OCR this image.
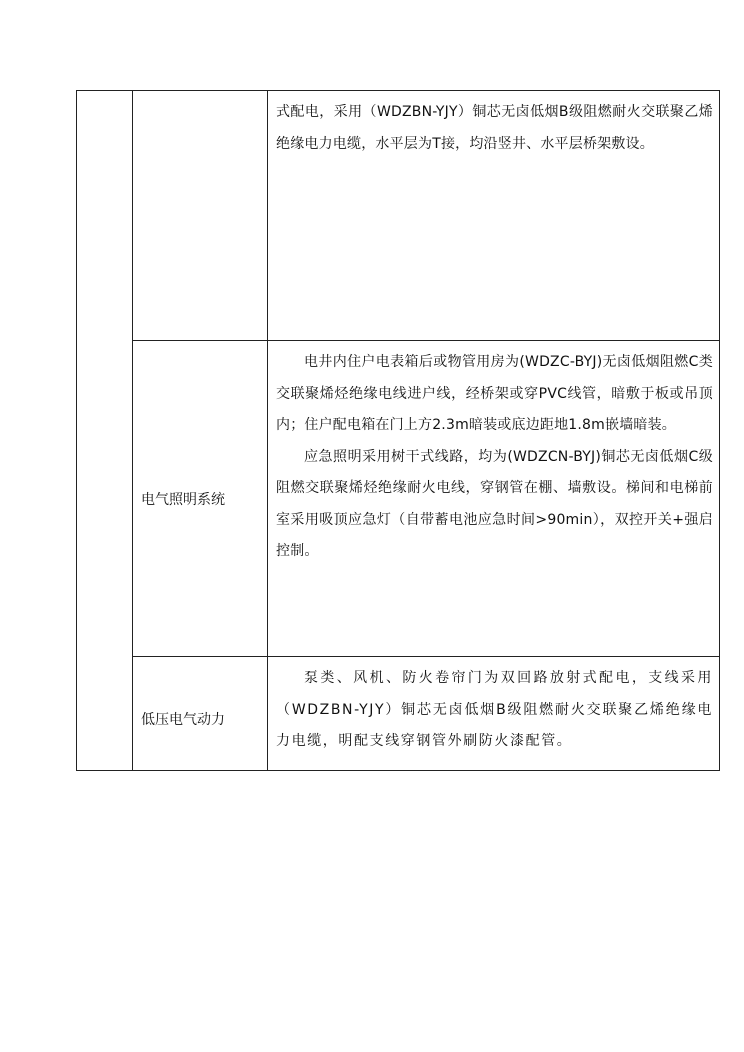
		式配电，采用（WDZBN-YJY）铜芯无卤低烟B级阻燃耐火交联聚乙烯绝缘电力电缆，水平层为T接，均沿竖井、水平层桥架敷设。

	电气照明系统	电井内住户电表箱后或物管用房为(WDZC-BYJ)无卤低烟阻燃C类交联聚烯烃绝缘电线进户线，经桥架或穿PVC线管，暗敷于板或吊顶内；住户配电箱在门上方2.3m暗装或底边距地1.8m嵌墙暗装。

应急照明采用树干式线路，均为(WDZCN-BYJ)铜芯无卤低烟C级阻燃交联聚烯烃绝缘耐火电线，穿钢管在棚、墙敷设。梯间和电梯前室采用吸顶应急灯（自带蓄电池应急时间>90min），双控开关+强启控制。

	低压电气动力	泵类、风机、防火卷帘门为双回路放射式配电，支线采用（WDZBN-YJY）铜芯无卤低烟B级阻燃耐火交联聚乙烯绝缘电力电缆，明配支线穿钢管外刷防火漆配管。
